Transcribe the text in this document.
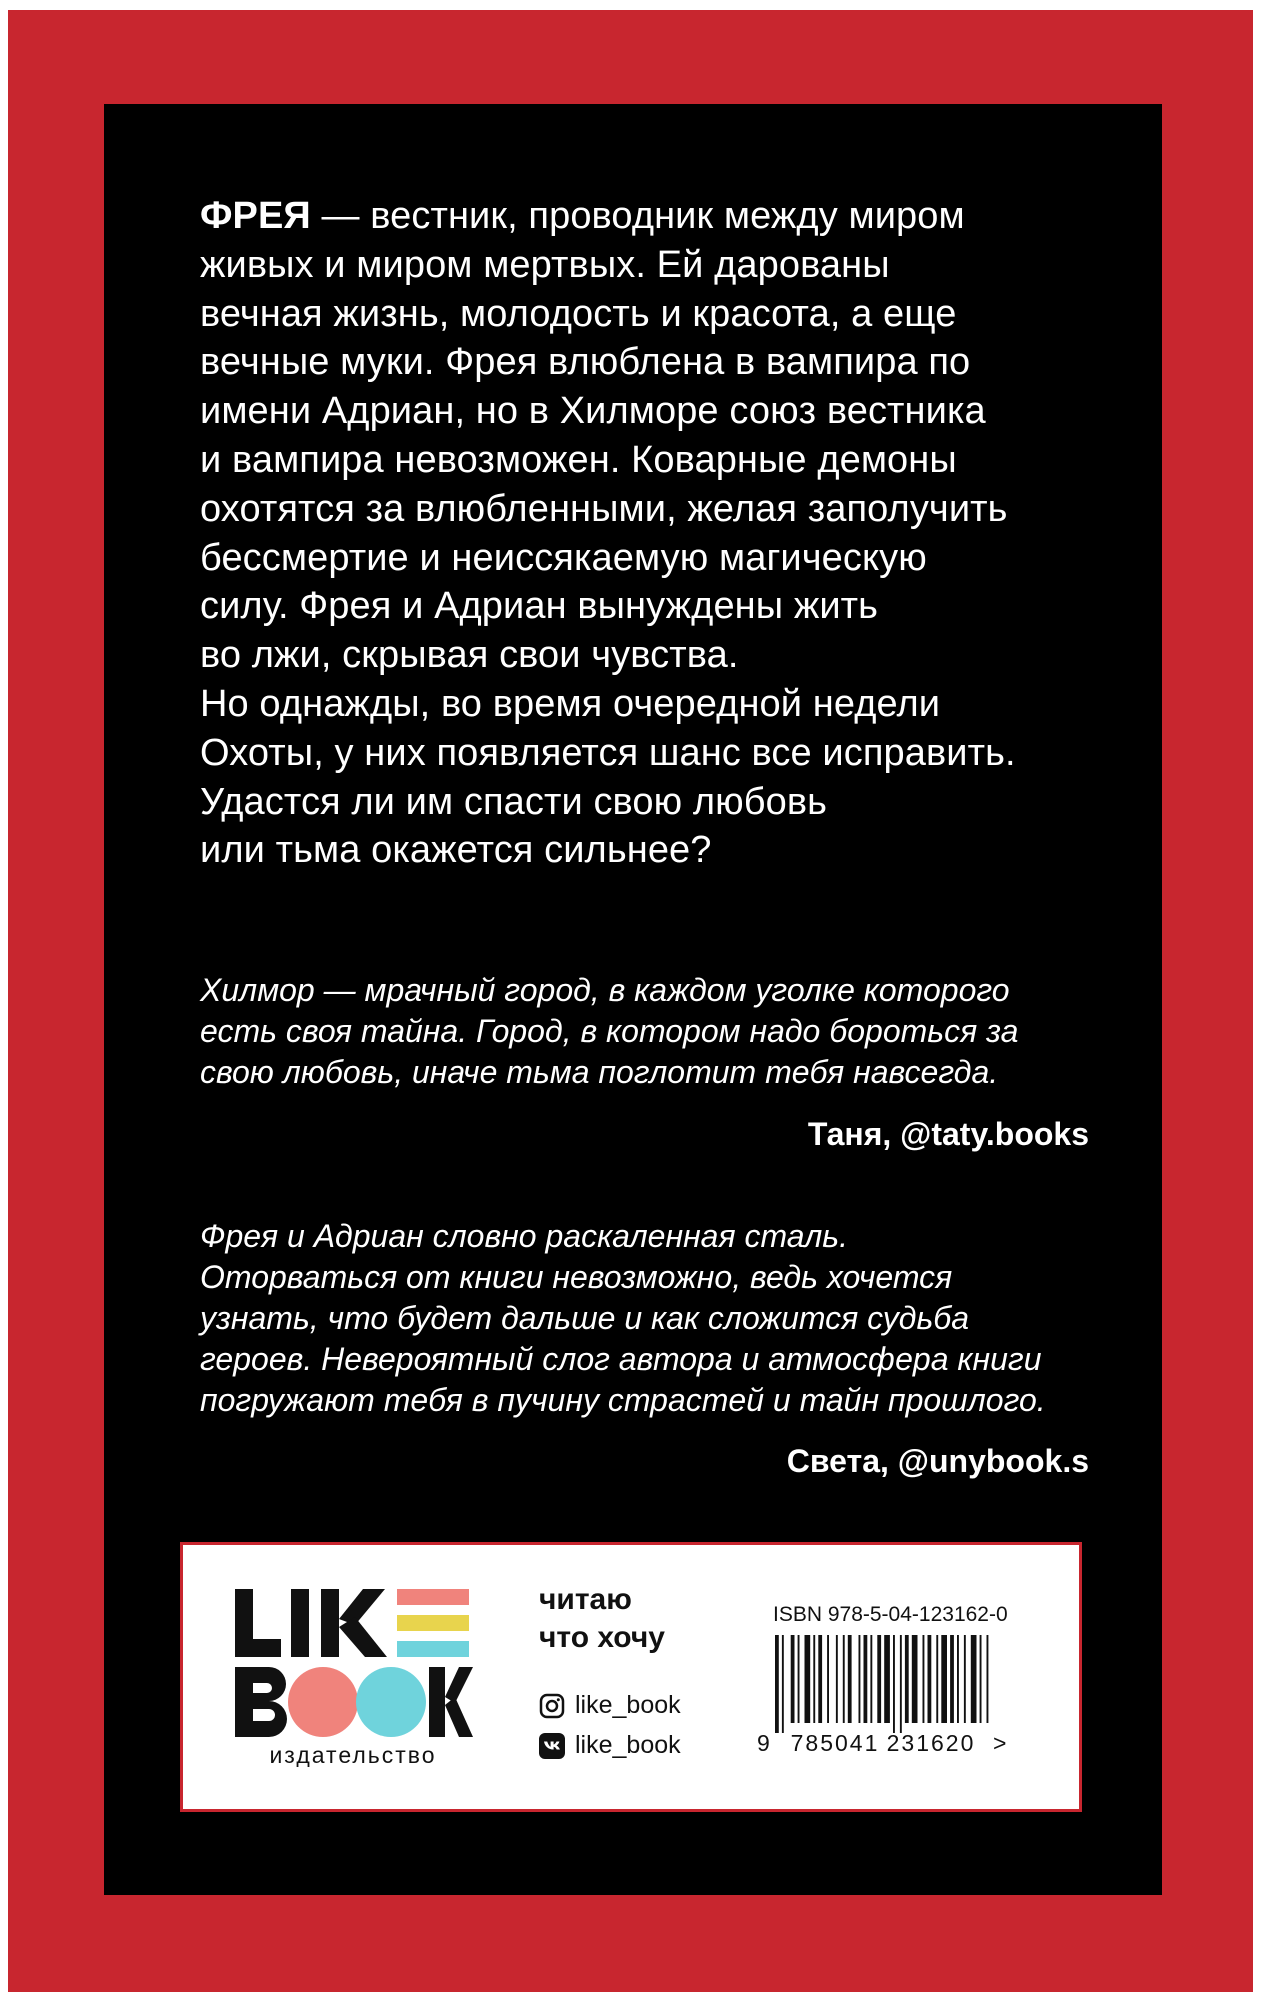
ФРЕЯ — вестник, проводник между миром
живых и миром мертвых. Ей дарованы
вечная жизнь, молодость и красота, а еще
вечные муки. Фрея влюблена в вампира по
имени Адриан, но в Хилморе союз вестника
и вампира невозможен. Коварные демоны
охотятся за влюбленными, желая заполучить
бессмертие и неиссякаемую магическую
силу. Фрея и Адриан вынуждены жить
во лжи, скрывая свои чувства.
Но однажды, во время очередной недели
Охоты, у них появляется шанс все исправить.
Удастся ли им спасти свою любовь
или тьма окажется сильнее?
Хилмор — мрачный город, в каждом уголке которого
есть своя тайна. Город, в котором надо бороться за
свою любовь, иначе тьма поглотит тебя навсегда.
Таня, @taty.books
Фрея и Адриан словно раскаленная сталь.
Оторваться от книги невозможно, ведь хочется
узнать, что будет дальше и как сложится судьба
героев. Невероятный слог автора и атмосфера книги
погружают тебя в пучину страстей и тайн прошлого.
Света, @unybook.s
издательство
читаю
что хочу
like_book
like_book
ISBN 978-5-04-123162-0
9 785041 231620 >
